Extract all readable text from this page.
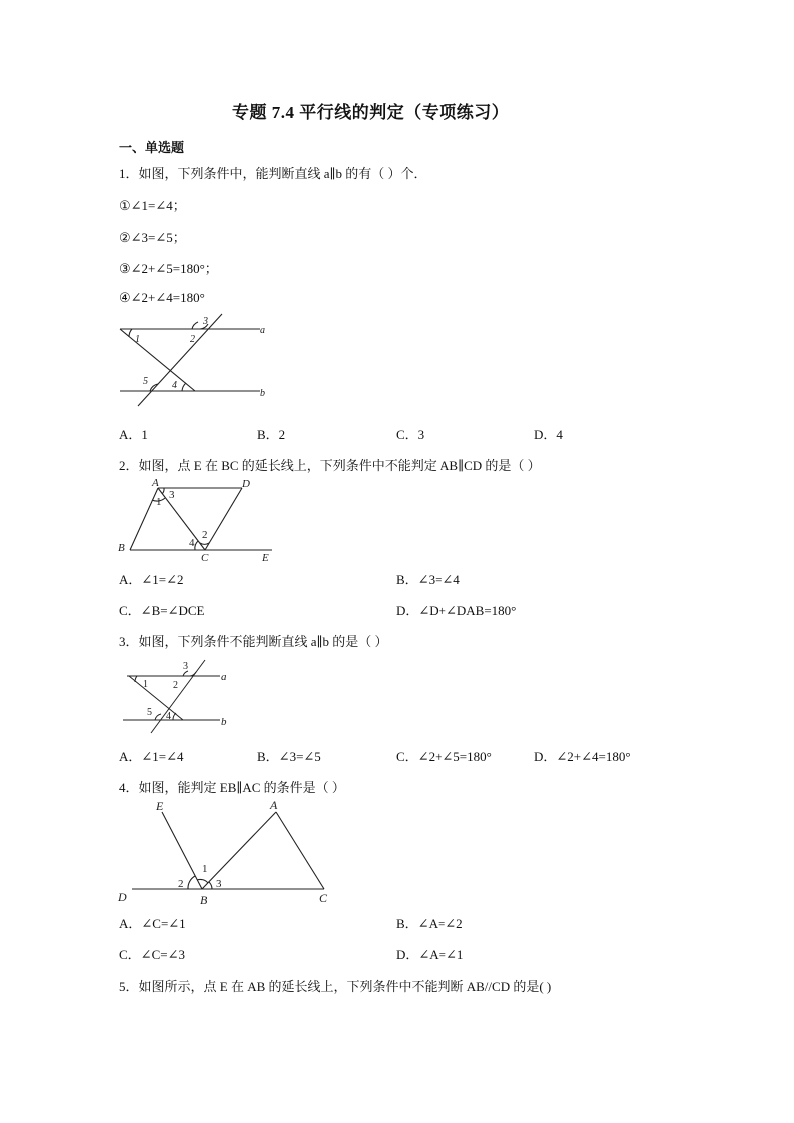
专题 7.4 平行线的判定（专项练习）
一、单选题
1．如图，下列条件中，能判断直线 a∥b 的有（ ）个．
①∠1=∠4；
②∠3=∠5；
③∠2+∠5=180°；
④∠2+∠4=180°
1	2
3
4
5
a
b
A．1	B．2	C．3	D．4
2．如图，点 E 在 BC 的延长线上，下列条件中不能判定 AB∥CD 的是（ ）
A	D
B
C	E
1
2
3
4
A．∠1=∠2	B．∠3=∠4
C．∠B=∠DCE	D．∠D+∠DAB=180°
3．如图，下列条件不能判断直线 a∥b 的是（ ）
1	2
3
4
5
a
b
A．∠1=∠4	B．∠3=∠5	C．∠2+∠5=180°	D．∠2+∠4=180°
4．如图，能判定 EB∥AC 的条件是（ ）
E	A
D	B	C
1
2	3
A．∠C=∠1	B．∠A=∠2
C．∠C=∠3	D．∠A=∠1
5．如图所示，点 E 在 AB 的延长线上，下列条件中不能判断 AB//CD 的是( )
